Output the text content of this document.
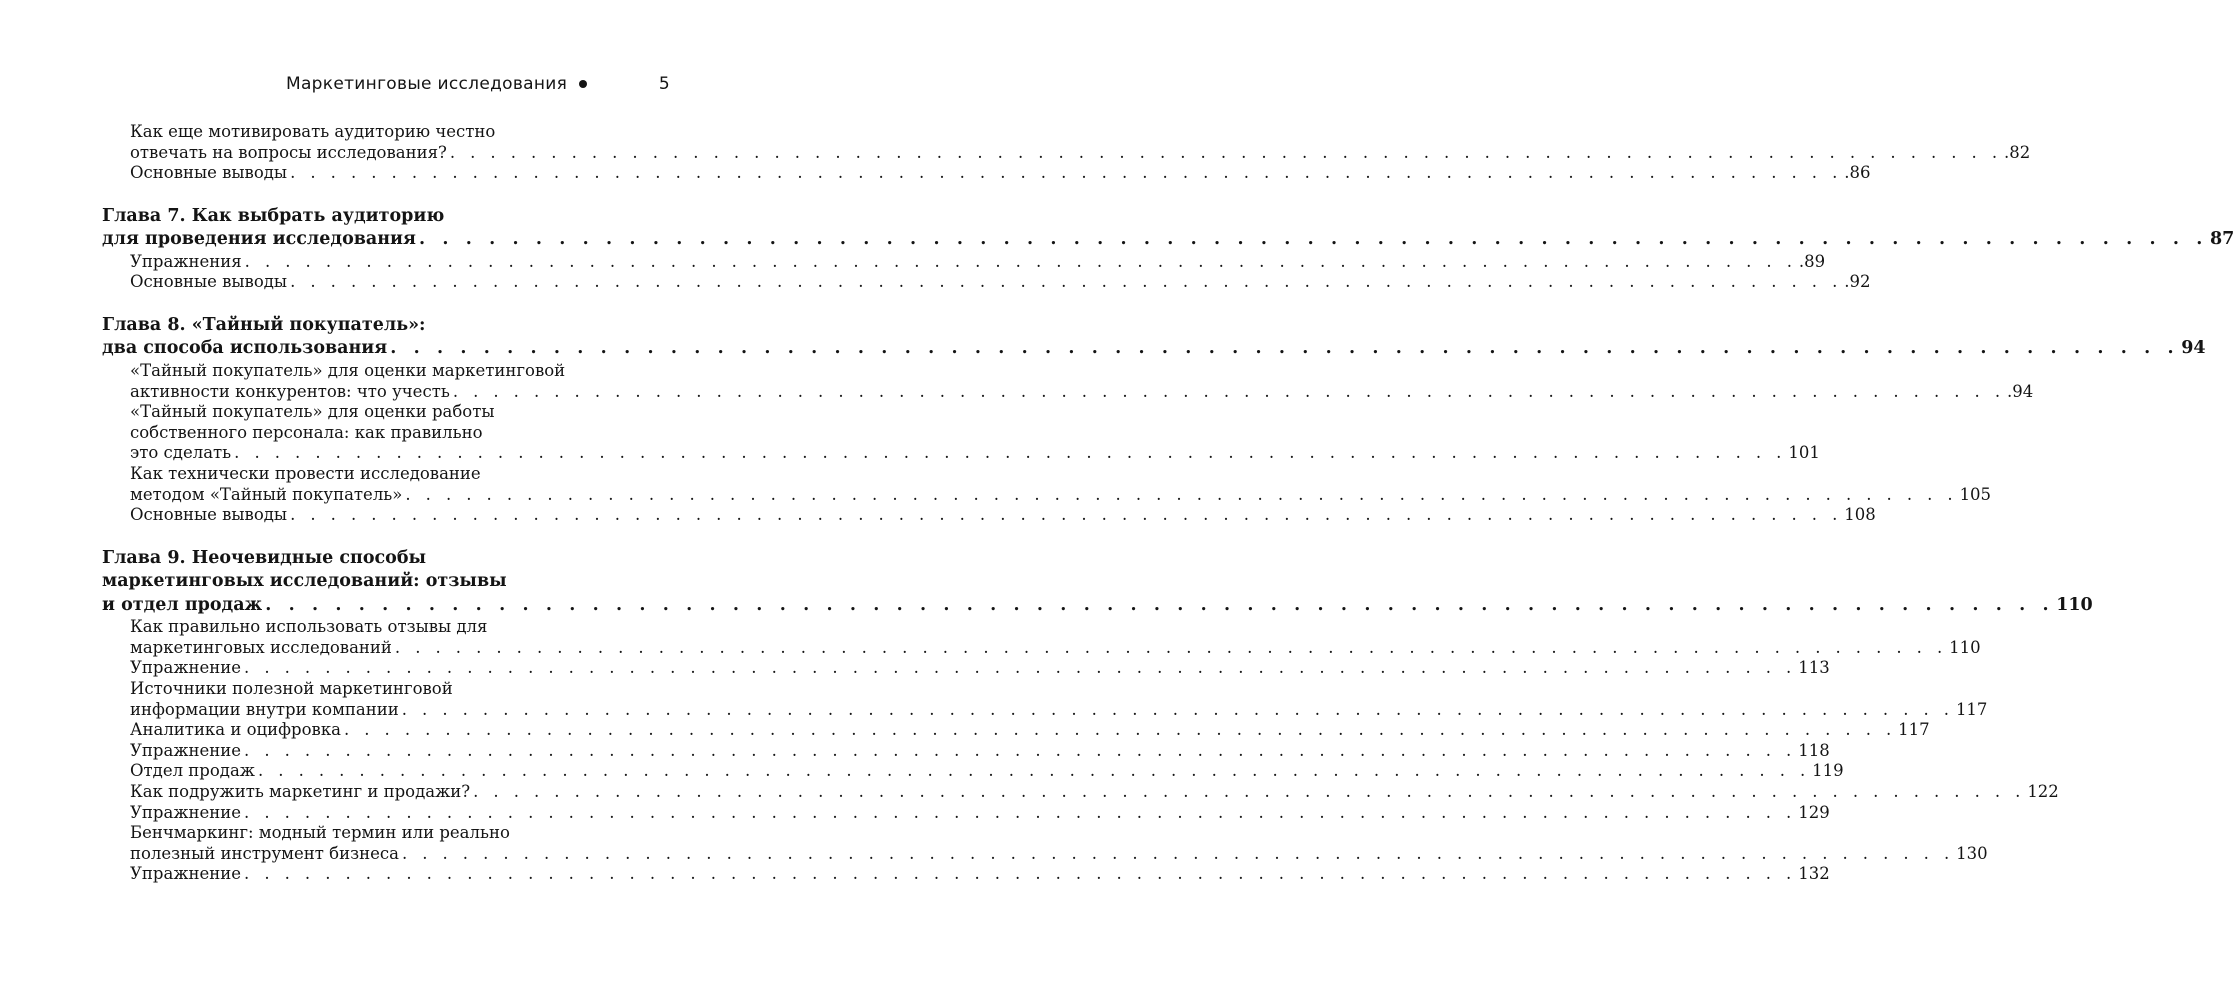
Маркетинговые исследования	5
Как еще мотивировать аудиторию честно
отвечать на вопросы исследования? . . . . . . . . . . . . . . . . . . . . . . . . . . . . . . . . . . . . . . . . . . . . . . . . . . . . . . . . . . . . . . . . . . . . . . . . . . . . . .82
Основные выводы . . . . . . . . . . . . . . . . . . . . . . . . . . . . . . . . . . . . . . . . . . . . . . . . . . . . . . . . . . . . . . . . . . . . . . . . . . . . . .86
Глава 7. Как выбрать аудиторию
для проведения исследования . . . . . . . . . . . . . . . . . . . . . . . . . . . . . . . . . . . . . . . . . . . . . . . . . . . . . . . . . . . . . . . . . . . . . . . . . . . . . 87
Упражнения . . . . . . . . . . . . . . . . . . . . . . . . . . . . . . . . . . . . . . . . . . . . . . . . . . . . . . . . . . . . . . . . . . . . . . . . . . . . . .89
Основные выводы . . . . . . . . . . . . . . . . . . . . . . . . . . . . . . . . . . . . . . . . . . . . . . . . . . . . . . . . . . . . . . . . . . . . . . . . . . . . . .92
Глава 8. «Тайный покупатель»:
два способа использования . . . . . . . . . . . . . . . . . . . . . . . . . . . . . . . . . . . . . . . . . . . . . . . . . . . . . . . . . . . . . . . . . . . . . . . . . . . . . 94
«Тайный покупатель» для оценки маркетинговой
активности конкурентов: что учесть . . . . . . . . . . . . . . . . . . . . . . . . . . . . . . . . . . . . . . . . . . . . . . . . . . . . . . . . . . . . . . . . . . . . . . . . . . . . . .94
«Тайный покупатель» для оценки работы
собственного персонала: как правильно
это сделать . . . . . . . . . . . . . . . . . . . . . . . . . . . . . . . . . . . . . . . . . . . . . . . . . . . . . . . . . . . . . . . . . . . . . . . . . . . . . 101
Как технически провести исследование
методом «Тайный покупатель» . . . . . . . . . . . . . . . . . . . . . . . . . . . . . . . . . . . . . . . . . . . . . . . . . . . . . . . . . . . . . . . . . . . . . . . . . . . . . 105
Основные выводы . . . . . . . . . . . . . . . . . . . . . . . . . . . . . . . . . . . . . . . . . . . . . . . . . . . . . . . . . . . . . . . . . . . . . . . . . . . . . 108
Глава 9. Неочевидные способы
маркетинговых исследований: отзывы
и отдел продаж . . . . . . . . . . . . . . . . . . . . . . . . . . . . . . . . . . . . . . . . . . . . . . . . . . . . . . . . . . . . . . . . . . . . . . . . . . . . . 110
Как правильно использовать отзывы для
маркетинговых исследований . . . . . . . . . . . . . . . . . . . . . . . . . . . . . . . . . . . . . . . . . . . . . . . . . . . . . . . . . . . . . . . . . . . . . . . . . . . . . 110
Упражнение . . . . . . . . . . . . . . . . . . . . . . . . . . . . . . . . . . . . . . . . . . . . . . . . . . . . . . . . . . . . . . . . . . . . . . . . . . . . . 113
Источники полезной маркетинговой
информации внутри компании . . . . . . . . . . . . . . . . . . . . . . . . . . . . . . . . . . . . . . . . . . . . . . . . . . . . . . . . . . . . . . . . . . . . . . . . . . . . . 117
Аналитика и оцифровка . . . . . . . . . . . . . . . . . . . . . . . . . . . . . . . . . . . . . . . . . . . . . . . . . . . . . . . . . . . . . . . . . . . . . . . . . . . . . 117
Упражнение . . . . . . . . . . . . . . . . . . . . . . . . . . . . . . . . . . . . . . . . . . . . . . . . . . . . . . . . . . . . . . . . . . . . . . . . . . . . . 118
Отдел продаж . . . . . . . . . . . . . . . . . . . . . . . . . . . . . . . . . . . . . . . . . . . . . . . . . . . . . . . . . . . . . . . . . . . . . . . . . . . . . 119
Как подружить маркетинг и продажи? . . . . . . . . . . . . . . . . . . . . . . . . . . . . . . . . . . . . . . . . . . . . . . . . . . . . . . . . . . . . . . . . . . . . . . . . . . . . . 122
Упражнение . . . . . . . . . . . . . . . . . . . . . . . . . . . . . . . . . . . . . . . . . . . . . . . . . . . . . . . . . . . . . . . . . . . . . . . . . . . . . 129
Бенчмаркинг: модный термин или реально
полезный инструмент бизнеса . . . . . . . . . . . . . . . . . . . . . . . . . . . . . . . . . . . . . . . . . . . . . . . . . . . . . . . . . . . . . . . . . . . . . . . . . . . . . 130
Упражнение . . . . . . . . . . . . . . . . . . . . . . . . . . . . . . . . . . . . . . . . . . . . . . . . . . . . . . . . . . . . . . . . . . . . . . . . . . . . . 132
